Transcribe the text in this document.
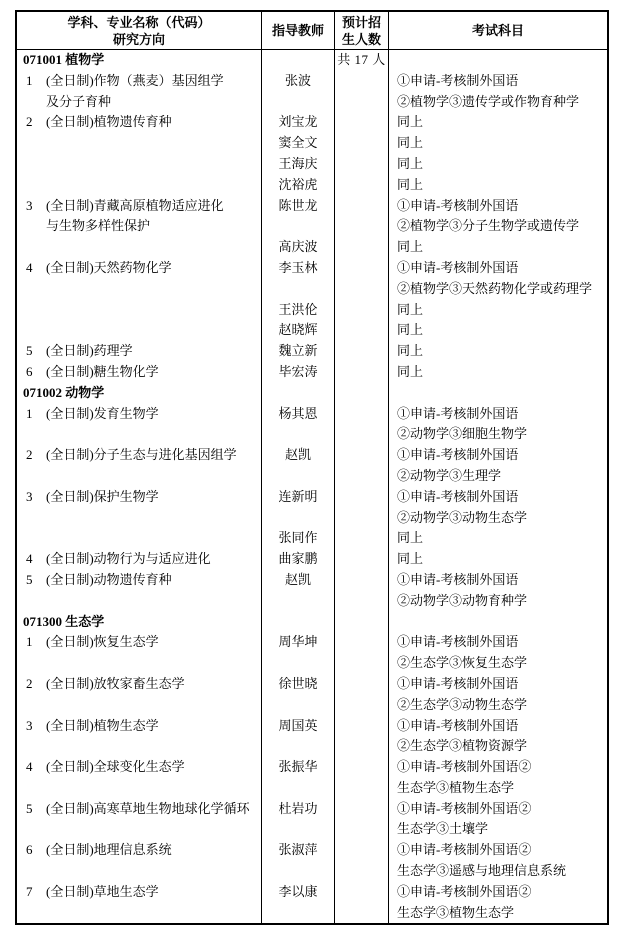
学科、专业名称（代码）
研究方向
指导教师
预计招
生人数
考试科目
071001 植物学
1 (全日制)作物（燕麦）基因组学
及分子育种
2 (全日制)植物遗传育种
3 (全日制)青藏高原植物适应进化
与生物多样性保护
4 (全日制)天然药物化学
5 (全日制)药理学
6 (全日制)糖生物化学
071002 动物学
1 (全日制)发育生物学
2 (全日制)分子生态与进化基因组学
3 (全日制)保护生物学
4 (全日制)动物行为与适应进化
5 (全日制)动物遗传育种
071300 生态学
1 (全日制)恢复生态学
2 (全日制)放牧家畜生态学
3 (全日制)植物生态学
4 (全日制)全球变化生态学
5 (全日制)高寒草地生物地球化学循环
6 (全日制)地理信息系统
7 (全日制)草地生态学
张波
刘宝龙
窦全文
王海庆
沈裕虎
陈世龙
高庆波
李玉林
王洪伦
赵晓辉
魏立新
毕宏涛
杨其恩
赵凯
连新明
张同作
曲家鹏
赵凯
周华坤
徐世晓
周国英
张振华
杜岩功
张淑萍
李以康
共 17 人
①申请-考核制外国语
②植物学③遗传学或作物育种学
同上
同上
同上
同上
①申请-考核制外国语
②植物学③分子生物学或遗传学
同上
①申请-考核制外国语
②植物学③天然药物化学或药理学
同上
同上
同上
同上
①申请-考核制外国语
②动物学③细胞生物学
①申请-考核制外国语
②动物学③生理学
①申请-考核制外国语
②动物学③动物生态学
同上
同上
①申请-考核制外国语
②动物学③动物育种学
①申请-考核制外国语
②生态学③恢复生态学
①申请-考核制外国语
②生态学③动物生态学
①申请-考核制外国语
②生态学③植物资源学
①申请-考核制外国语②
生态学③植物生态学
①申请-考核制外国语②
生态学③土壤学
①申请-考核制外国语②
生态学③遥感与地理信息系统
①申请-考核制外国语②
生态学③植物生态学
